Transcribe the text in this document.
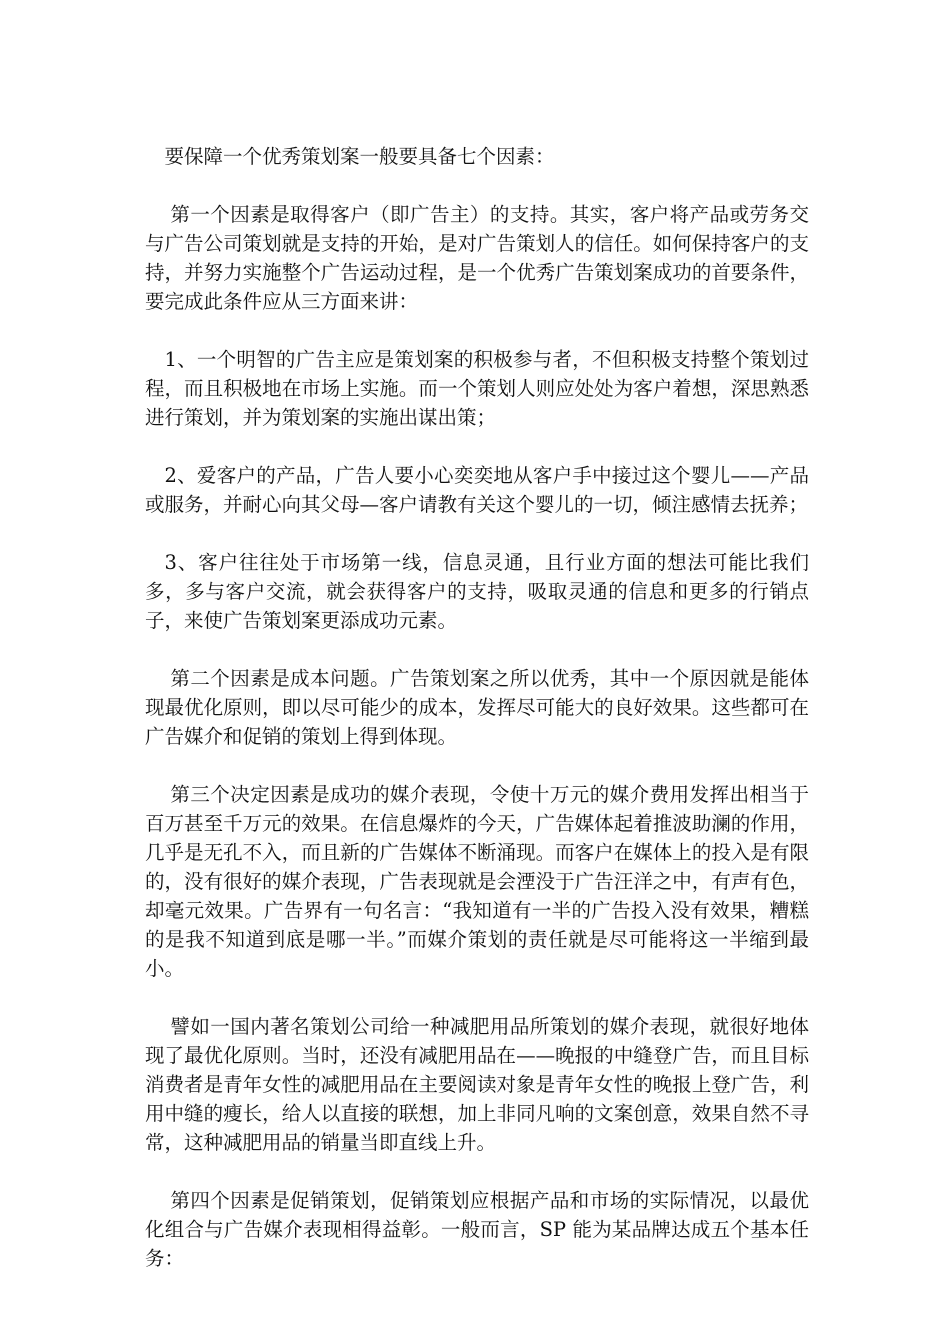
要保障一个优秀策划案一般要具备七个因素：

第一个因素是取得客户（即广告主）的支持。其实，客户将产品或劳务交与广告公司策划就是支持的开始，是对广告策划人的信任。如何保持客户的支持，并努力实施整个广告运动过程，是一个优秀广告策划案成功的首要条件，要完成此条件应从三方面来讲：

1、一个明智的广告主应是策划案的积极参与者，不但积极支持整个策划过程，而且积极地在市场上实施。而一个策划人则应处处为客户着想，深思熟悉进行策划，并为策划案的实施出谋出策；

2、爱客户的产品，广告人要小心奕奕地从客户手中接过这个婴儿——产品或服务，并耐心向其父母—客户请教有关这个婴儿的一切，倾注感情去抚养；

3、客户往往处于市场第一线，信息灵通，且行业方面的想法可能比我们多，多与客户交流，就会获得客户的支持，吸取灵通的信息和更多的行销点子，来使广告策划案更添成功元素。

第二个因素是成本问题。广告策划案之所以优秀，其中一个原因就是能体现最优化原则，即以尽可能少的成本，发挥尽可能大的良好效果。这些都可在广告媒介和促销的策划上得到体现。

第三个决定因素是成功的媒介表现，令使十万元的媒介费用发挥出相当于百万甚至千万元的效果。在信息爆炸的今天，广告媒体起着推波助澜的作用，几乎是无孔不入，而且新的广告媒体不断涌现。而客户在媒体上的投入是有限的，没有很好的媒介表现，广告表现就是会湮没于广告汪洋之中，有声有色，却毫元效果。广告界有一句名言：“我知道有一半的广告投入没有效果，糟糕的是我不知道到底是哪一半。”而媒介策划的责任就是尽可能将这一半缩到最小。

譬如一国内著名策划公司给一种减肥用品所策划的媒介表现，就很好地体现了最优化原则。当时，还没有减肥用品在——晚报的中缝登广告，而且目标消费者是青年女性的减肥用品在主要阅读对象是青年女性的晚报上登广告，利用中缝的瘦长，给人以直接的联想，加上非同凡响的文案创意，效果自然不寻常，这种减肥用品的销量当即直线上升。

第四个因素是促销策划，促销策划应根据产品和市场的实际情况，以最优化组合与广告媒介表现相得益彰。一般而言，SP 能为某品牌达成五个基本任务：
